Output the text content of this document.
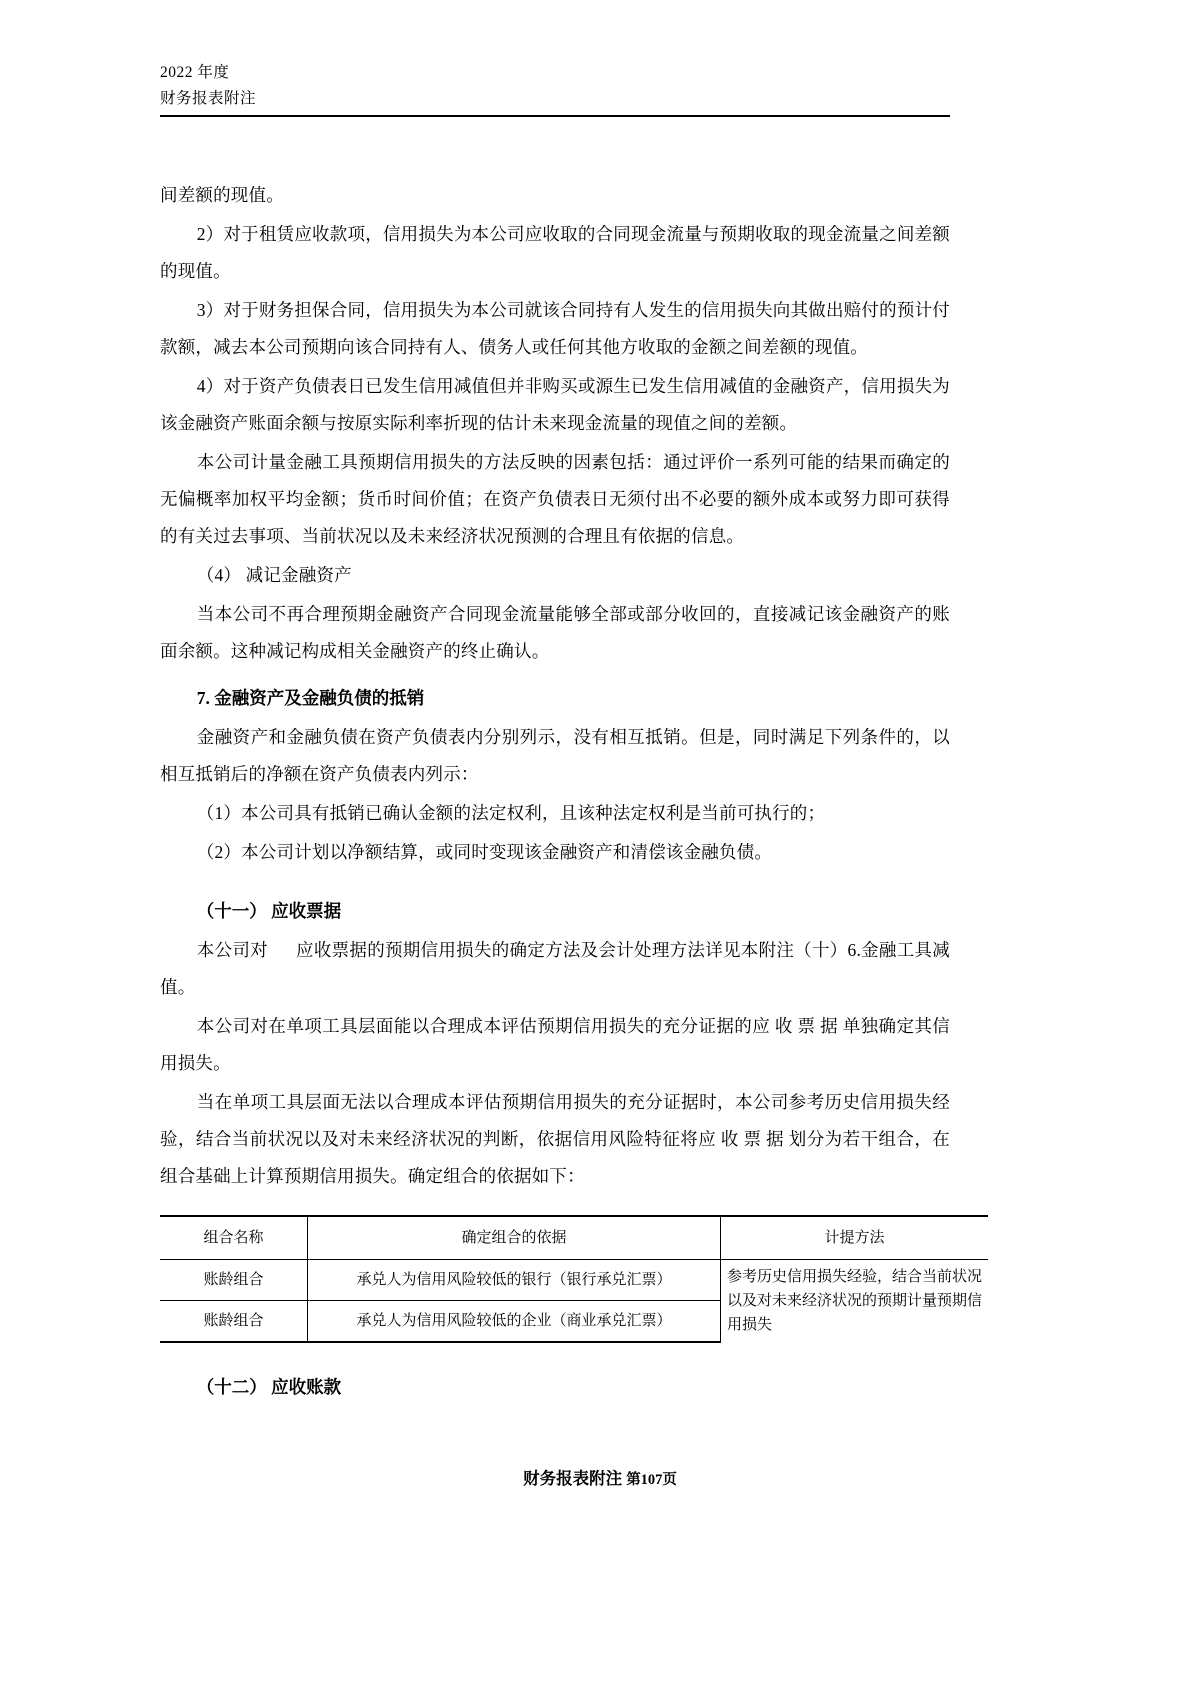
2022 年度
财务报表附注

间差额的现值。

2）对于租赁应收款项，信用损失为本公司应收取的合同现金流量与预期收取的现金流量之间差额的现值。

3）对于财务担保合同，信用损失为本公司就该合同持有人发生的信用损失向其做出赔付的预计付款额，减去本公司预期向该合同持有人、债务人或任何其他方收取的金额之间差额的现值。

4）对于资产负债表日已发生信用减值但并非购买或源生已发生信用减值的金融资产，信用损失为该金融资产账面余额与按原实际利率折现的估计未来现金流量的现值之间的差额。

本公司计量金融工具预期信用损失的方法反映的因素包括：通过评价一系列可能的结果而确定的无偏概率加权平均金额；货币时间价值；在资产负债表日无须付出不必要的额外成本或努力即可获得的有关过去事项、当前状况以及未来经济状况预测的合理且有依据的信息。

（4） 减记金融资产

当本公司不再合理预期金融资产合同现金流量能够全部或部分收回的，直接减记该金融资产的账面余额。这种减记构成相关金融资产的终止确认。

7. 金融资产及金融负债的抵销

金融资产和金融负债在资产负债表内分别列示，没有相互抵销。但是，同时满足下列条件的，以相互抵销后的净额在资产负债表内列示：

（1）本公司具有抵销已确认金额的法定权利，且该种法定权利是当前可执行的；

（2）本公司计划以净额结算，或同时变现该金融资产和清偿该金融负债。

（十一） 应收票据

本公司对 应收票据的预期信用损失的确定方法及会计处理方法详见本附注（十）6.金融工具减值。

本公司对在单项工具层面能以合理成本评估预期信用损失的充分证据的应收票据单独确定其信用损失。

当在单项工具层面无法以合理成本评估预期信用损失的充分证据时，本公司参考历史信用损失经验，结合当前状况以及对未来经济状况的判断，依据信用风险特征将应收票据划分为若干组合，在组合基础上计算预期信用损失。确定组合的依据如下：

组合名称	确定组合的依据	计提方法
账龄组合	承兑人为信用风险较低的银行（银行承兑汇票）	参考历史信用损失经验，结合当前状况以及对未来经济状况的预期计量预期信用损失
账龄组合	承兑人为信用风险较低的企业（商业承兑汇票）	

（十二） 应收账款

财务报表附注 第107页
